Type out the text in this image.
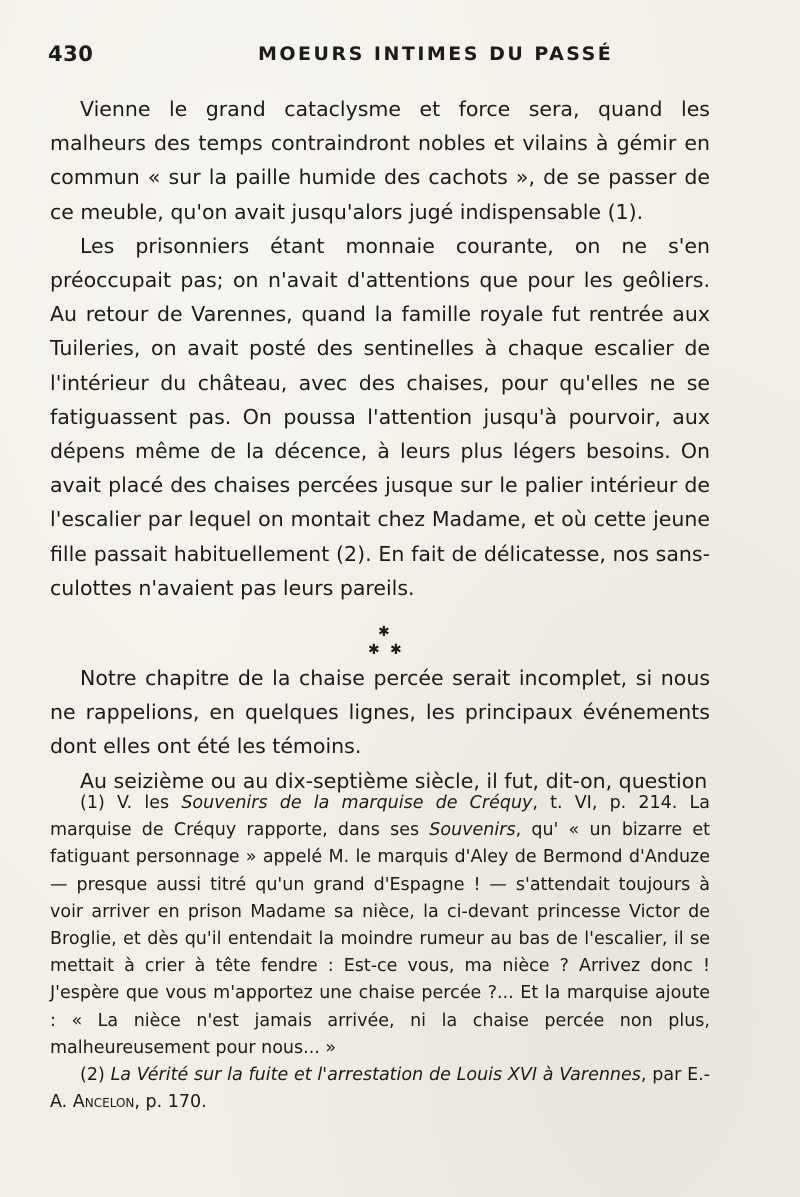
430	MOEURS INTIMES DU PASSÉ

Vienne le grand cataclysme et force sera, quand les malheurs des temps contraindront nobles et vilains à gémir en commun « sur la paille humide des cachots », de se passer de ce meuble, qu'on avait jusqu'alors jugé indispensable (1).

Les prisonniers étant monnaie courante, on ne s'en préoccupait pas; on n'avait d'attentions que pour les geôliers. Au retour de Varennes, quand la famille royale fut rentrée aux Tuileries, on avait posté des sentinelles à chaque escalier de l'intérieur du château, avec des chaises, pour qu'elles ne se fatiguassent pas. On poussa l'attention jusqu'à pourvoir, aux dépens même de la décence, à leurs plus légers besoins. On avait placé des chaises percées jusque sur le palier intérieur de l'escalier par lequel on montait chez Madame, et où cette jeune fille passait habituellement (2). En fait de délicatesse, nos sans-culottes n'avaient pas leurs pareils.

✱
✱ ✱

Notre chapitre de la chaise percée serait incomplet, si nous ne rappelions, en quelques lignes, les principaux événements dont elles ont été les témoins.

Au seizième ou au dix-septième siècle, il fut, dit-on, question

(1) V. les Souvenirs de la marquise de Créquy, t. VI, p. 214. La marquise de Créquy rapporte, dans ses Souvenirs, qu' « un bizarre et fatiguant personnage » appelé M. le marquis d'Aley de Bermond d'Anduze — presque aussi titré qu'un grand d'Espagne ! — s'attendait toujours à voir arriver en prison Madame sa nièce, la ci-devant princesse Victor de Broglie, et dès qu'il entendait la moindre rumeur au bas de l'escalier, il se mettait à crier à tête fendre : Est-ce vous, ma nièce ? Arrivez donc ! J'espère que vous m'apportez une chaise percée ?... Et la marquise ajoute : « La nièce n'est jamais arrivée, ni la chaise percée non plus, malheureusement pour nous... »

(2) La Vérité sur la fuite et l'arrestation de Louis XVI à Varennes, par E.-A. Ancelon, p. 170.
